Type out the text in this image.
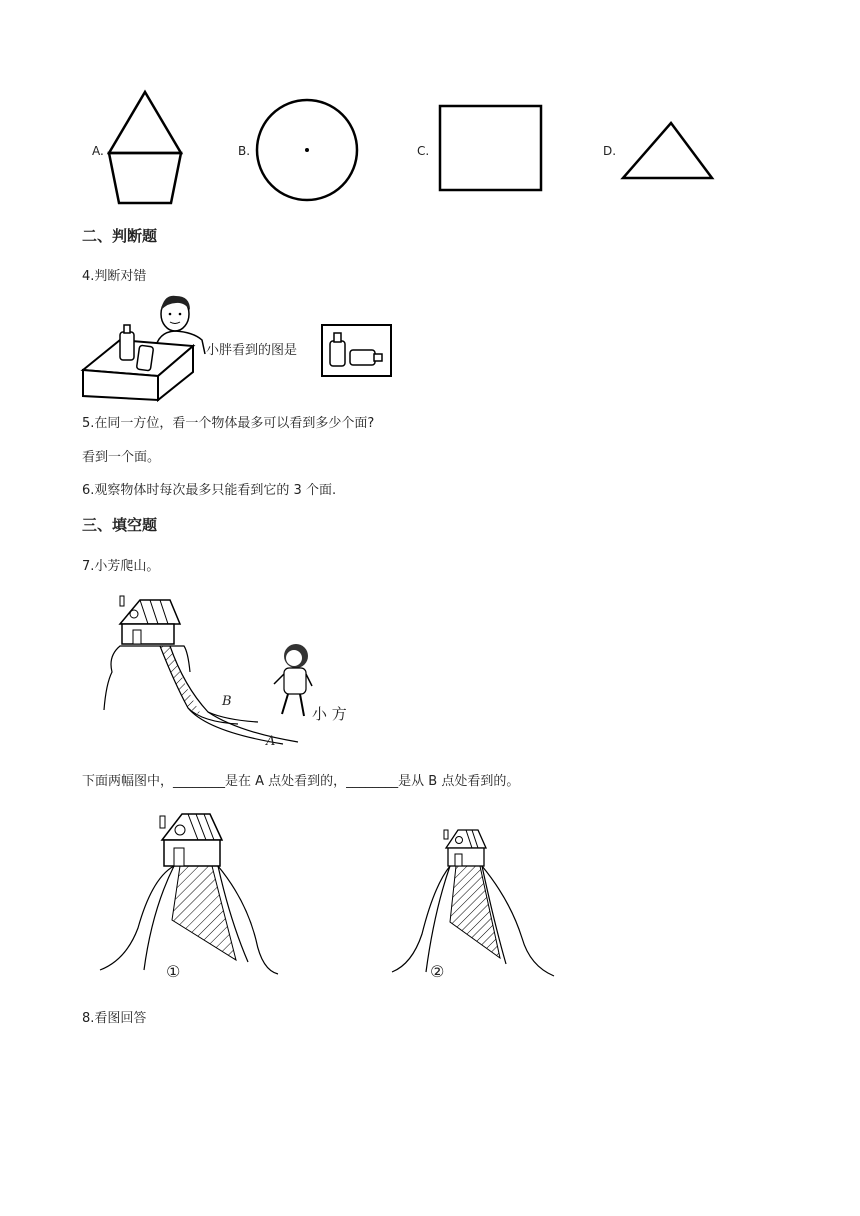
A.	B.	C.	D.
二、判断题
4.判断对错
小胖看到的图是
5.在同一方位，看一个物体最多可以看到多少个面?
看到一个面。
6.观察物体时每次最多只能看到它的 3 个面.
三、填空题
7.小芳爬山。
B
A
小 方
下面两幅图中，________是在 A 点处看到的，________是从 B 点处看到的。
①	②
8.看图回答
